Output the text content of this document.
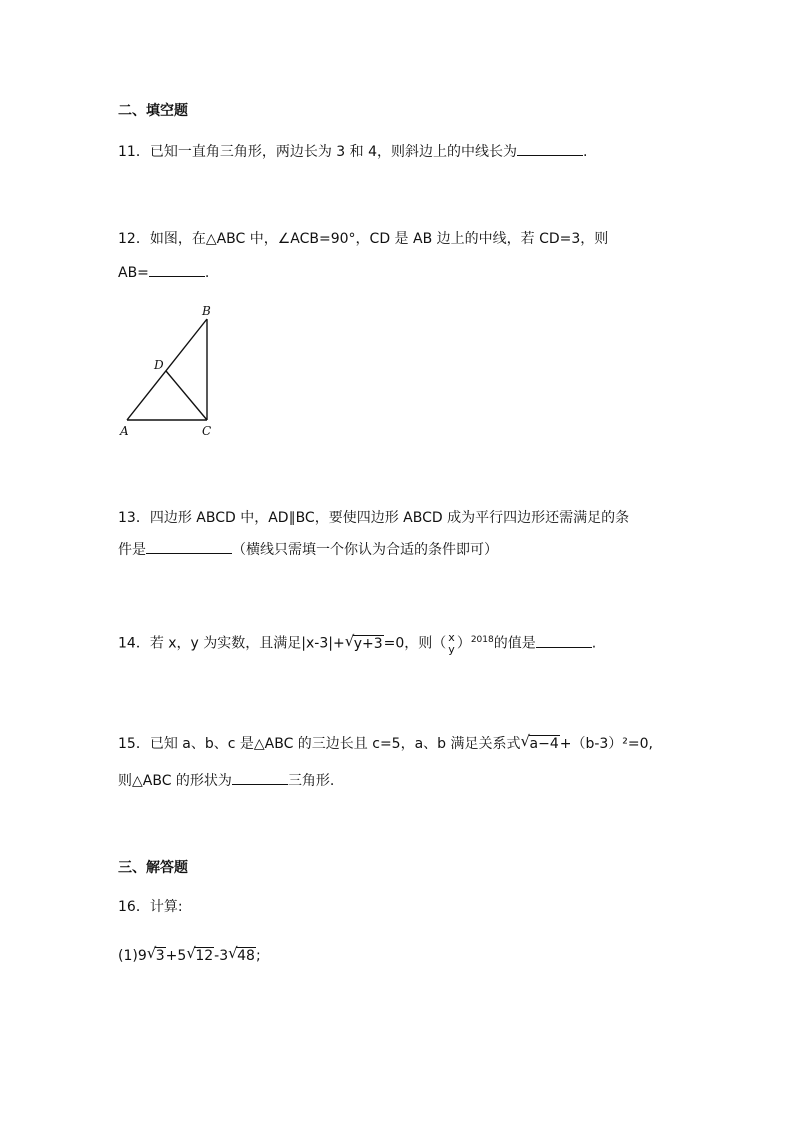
二、填空题
11．已知一直角三角形，两边长为 3 和 4，则斜边上的中线长为	.
12．如图，在△ABC 中，∠ACB=90°，CD 是 AB 边上的中线，若 CD=3，则
AB=	.
B
D
A	C
13．四边形 ABCD 中，AD∥BC，要使四边形 ABCD 成为平行四边形还需满足的条
件是	（横线只需填一个你认为合适的条件即可）
14．若 x，y 为实数，且满足|x-3|+ √ y+3=0，则（ x
y ）$^{2018}$的值是	.
15．已知 a、b、c 是△ABC 的三边长且 c=5，a、b 满足关系式 √ a−4+（b-3）²=0,
则△ABC 的形状为	三角形.
三、解答题
16．计算:
(1)9 √ 3+5 √ 12-3 √ 48;
